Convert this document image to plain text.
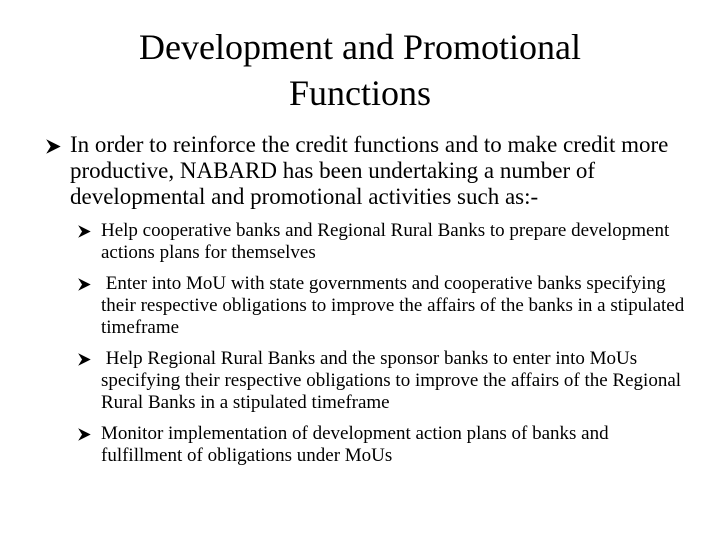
Development and Promotional
Functions
In order to reinforce the credit functions and to make credit more productive, NABARD has been undertaking a number of developmental and promotional activities such as:-
Help cooperative banks and Regional Rural Banks to prepare development actions plans for themselves
Enter into MoU with state governments and cooperative banks specifying their respective obligations to improve the affairs of the banks in a stipulated timeframe
Help Regional Rural Banks and the sponsor banks to enter into MoUs specifying their respective obligations to improve the affairs of the Regional Rural Banks in a stipulated timeframe
Monitor implementation of development action plans of banks and fulfillment of obligations under MoUs
